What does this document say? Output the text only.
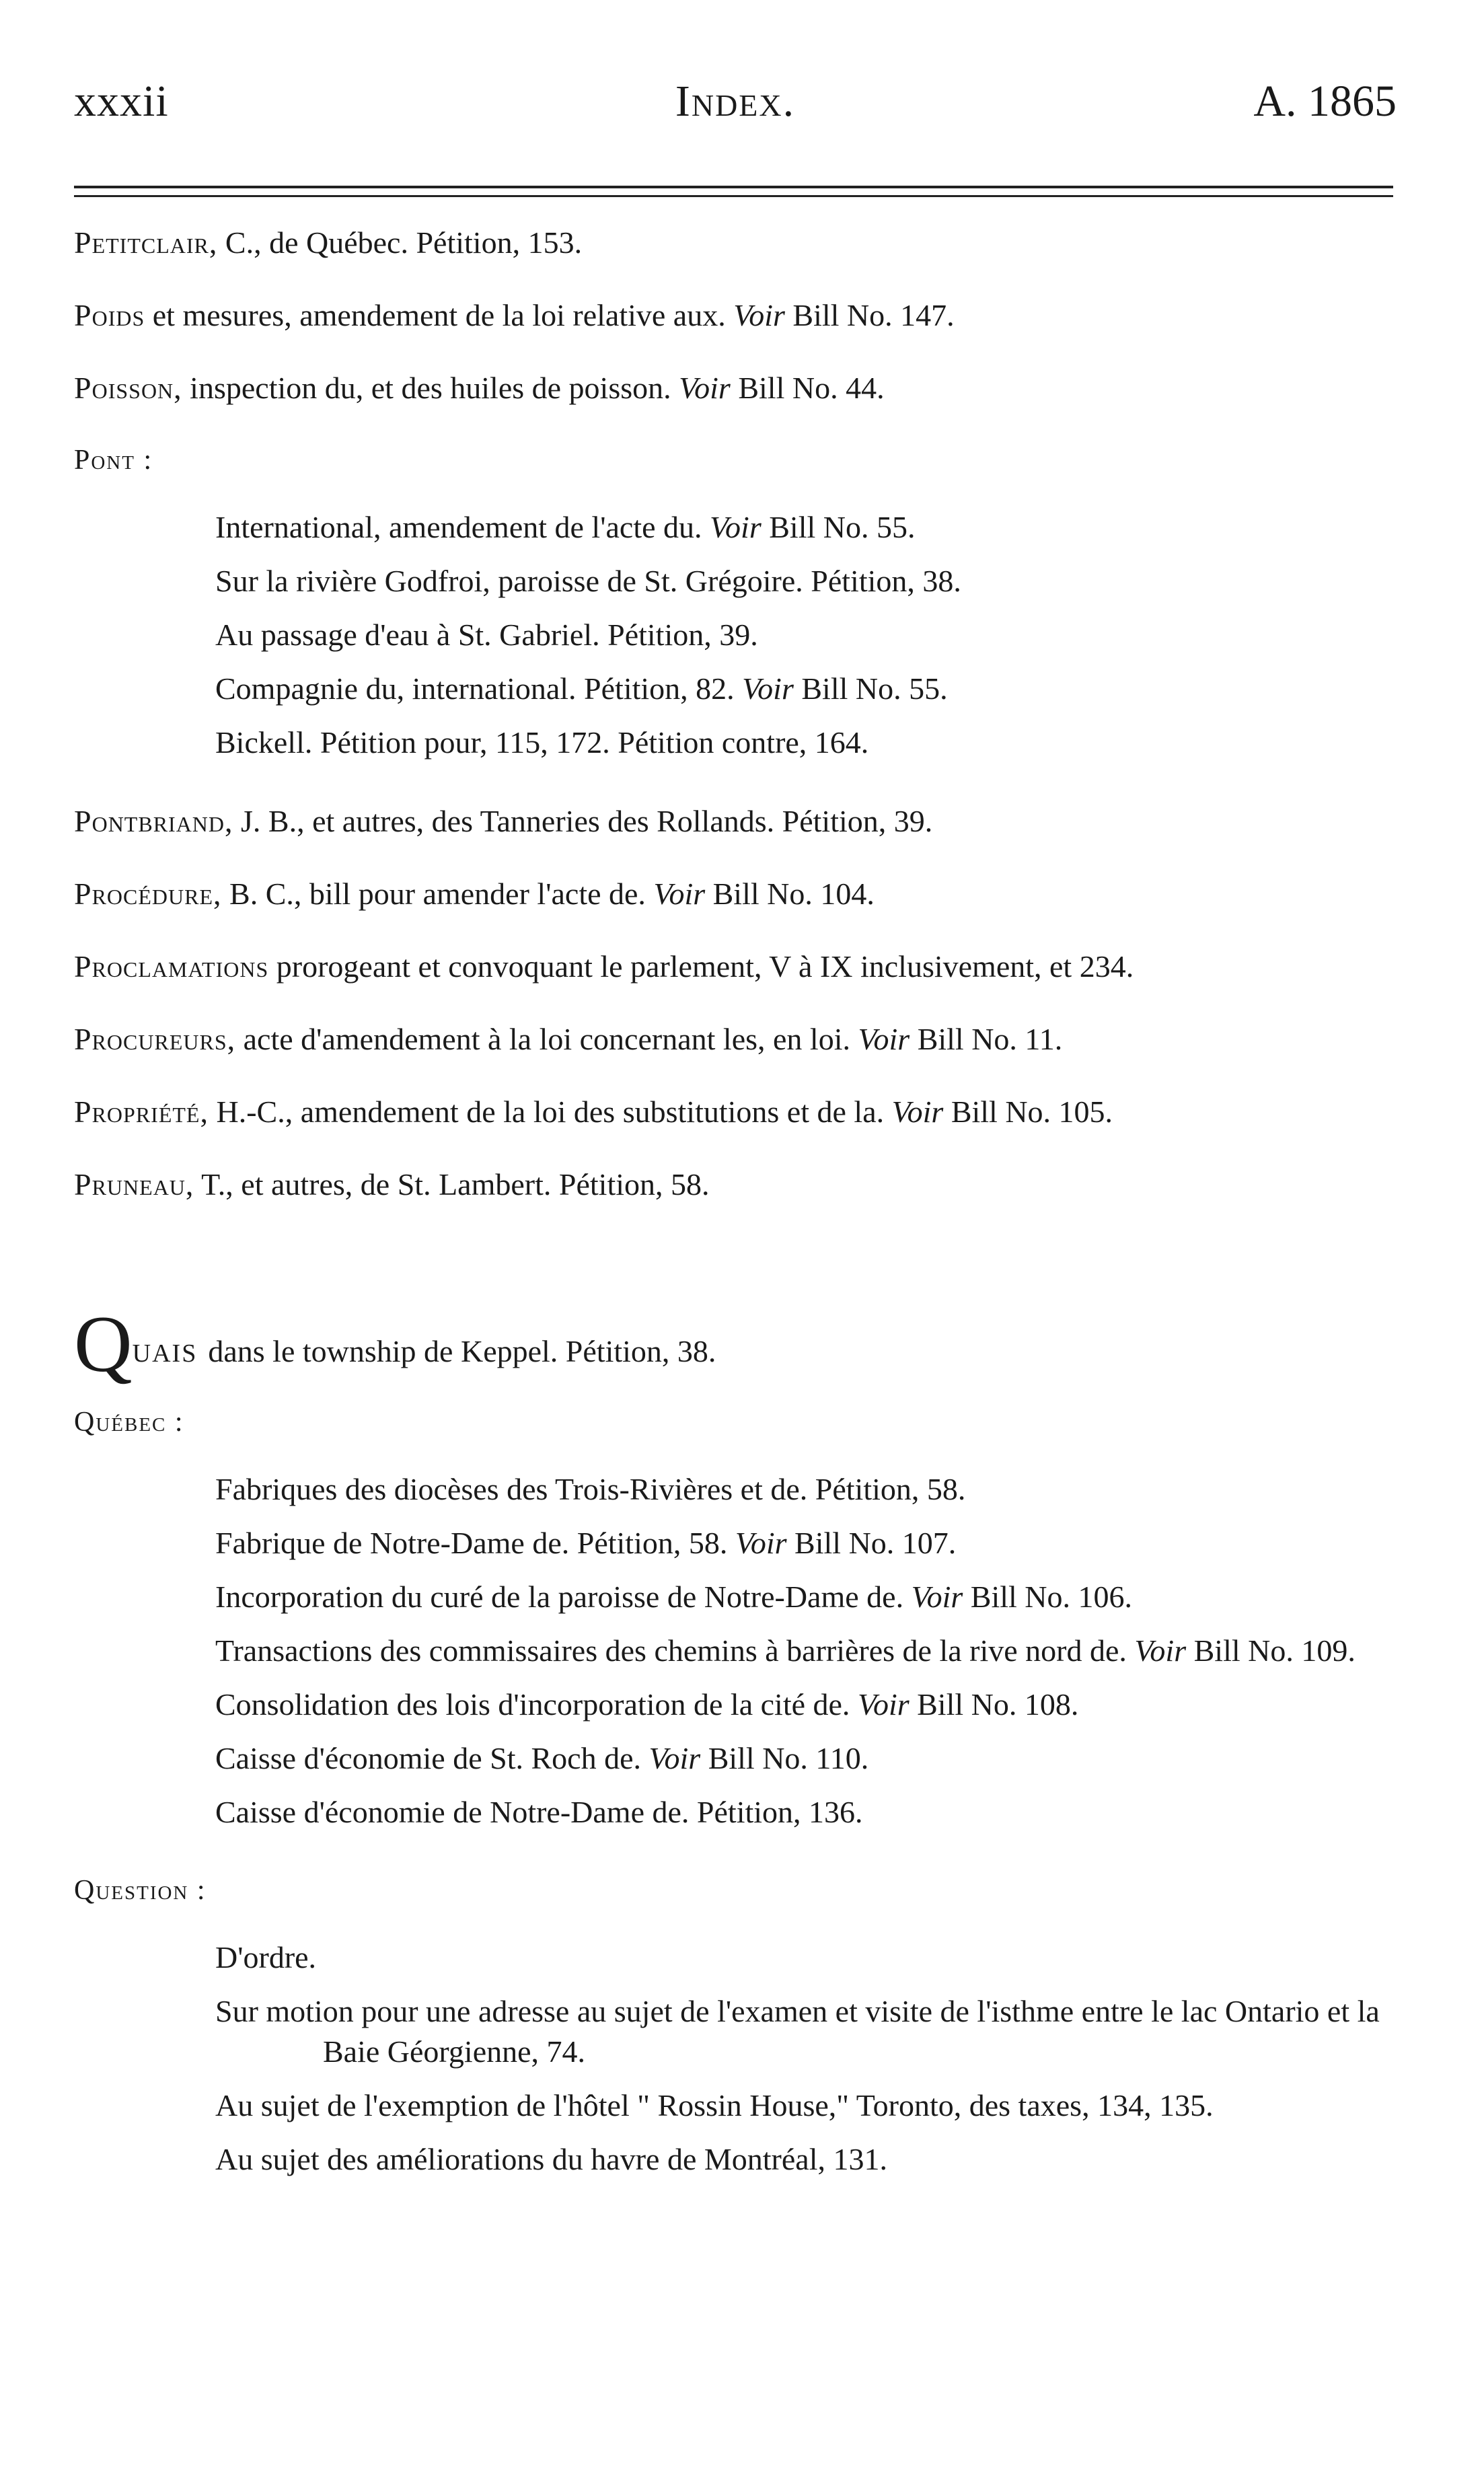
xxxii	Index.	A. 1865
Petitclair, C., de Québec. Pétition, 153.
Poids et mesures, amendement de la loi relative aux. Voir Bill No. 147.
Poisson, inspection du, et des huiles de poisson. Voir Bill No. 44.
Pont :
International, amendement de l'acte du. Voir Bill No. 55.
Sur la rivière Godfroi, paroisse de St. Grégoire. Pétition, 38.
Au passage d'eau à St. Gabriel. Pétition, 39.
Compagnie du, international. Pétition, 82. Voir Bill No. 55.
Bickell. Pétition pour, 115, 172. Pétition contre, 164.
Pontbriand, J. B., et autres, des Tanneries des Rollands. Pétition, 39.
Procédure, B. C., bill pour amender l'acte de. Voir Bill No. 104.
Proclamations prorogeant et convoquant le parlement, V à IX inclusivement, et 234.
Procureurs, acte d'amendement à la loi concernant les, en loi. Voir Bill No. 11.
Propriété, H.-C., amendement de la loi des substitutions et de la. Voir Bill No. 105.
Pruneau, T., et autres, de St. Lambert. Pétition, 58.
Quais dans le township de Keppel. Pétition, 38.
Québec :
Fabriques des diocèses des Trois-Rivières et de. Pétition, 58.
Fabrique de Notre-Dame de. Pétition, 58. Voir Bill No. 107.
Incorporation du curé de la paroisse de Notre-Dame de. Voir Bill No. 106.
Transactions des commissaires des chemins à barrières de la rive nord de. Voir Bill No. 109.
Consolidation des lois d'incorporation de la cité de. Voir Bill No. 108.
Caisse d'économie de St. Roch de. Voir Bill No. 110.
Caisse d'économie de Notre-Dame de. Pétition, 136.
Question :
D'ordre.
Sur motion pour une adresse au sujet de l'examen et visite de l'isthme entre le lac Ontario et la Baie Géorgienne, 74.
Au sujet de l'exemption de l'hôtel " Rossin House," Toronto, des taxes, 134, 135.
Au sujet des améliorations du havre de Montréal, 131.
